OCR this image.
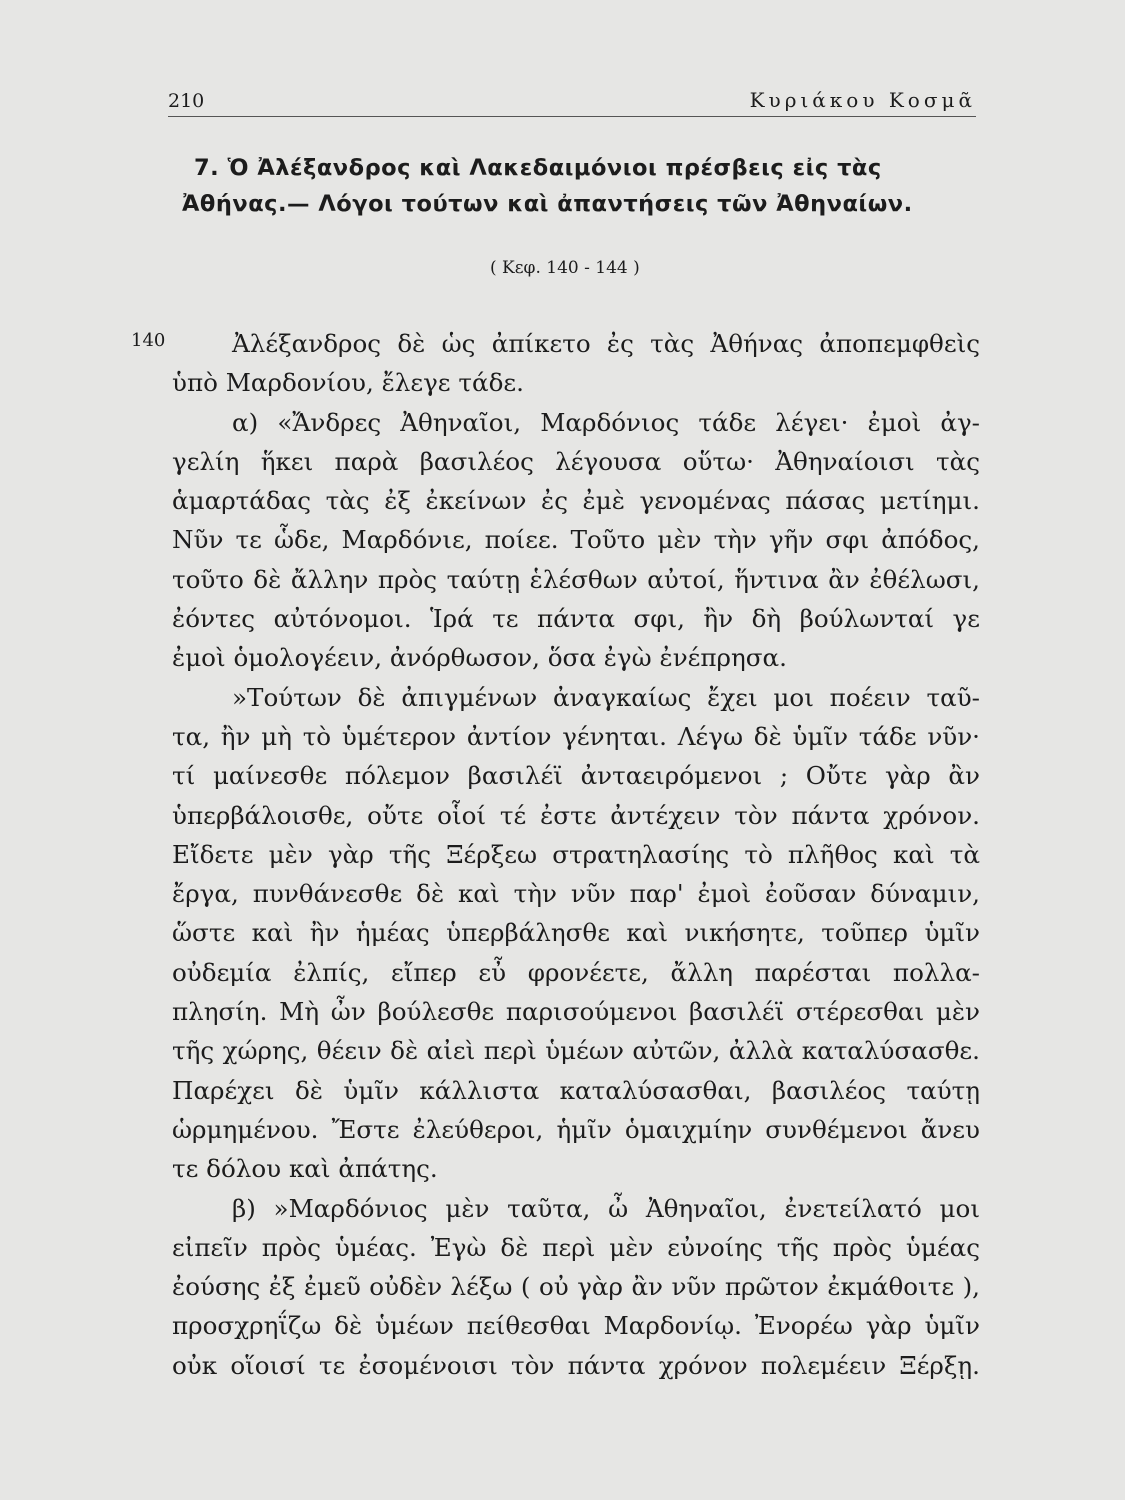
210	Κυριάκου Κοσμᾶ
7. Ὁ Ἀλέξανδρος καὶ Λακεδαιμόνιοι πρέσβεις εἰς τὰς
Ἀθήνας.— Λόγοι τούτων καὶ ἀπαντήσεις τῶν Ἀθηναίων.
( Κεφ. 140 - 144 )
140	Ἀλέξανδρος δὲ ὡς ἀπίκετο ἐς τὰς Ἀθήνας ἀποπεμφθεὶς
ὑπὸ Μαρδονίου, ἔλεγε τάδε.
α) «Ἄνδρες Ἀθηναῖοι, Μαρδόνιος τάδε λέγει· ἐμοὶ ἀγ-
γελίη ἥκει παρὰ βασιλέος λέγουσα οὕτω· Ἀθηναίοισι τὰς
ἁμαρτάδας τὰς ἐξ ἐκείνων ἐς ἐμὲ γενομένας πάσας μετίημι.
Νῦν τε ὧδε, Μαρδόνιε, ποίεε. Τοῦτο μὲν τὴν γῆν σφι ἀπόδος,
τοῦτο δὲ ἄλλην πρὸς ταύτῃ ἑλέσθων αὐτοί, ἥντινα ἂν ἐθέλωσι,
ἐόντες αὐτόνομοι. Ἱρά τε πάντα σφι, ἢν δὴ βούλωνταί γε
ἐμοὶ ὁμολογέειν, ἀνόρθωσον, ὅσα ἐγὼ ἐνέπρησα.
»Τούτων δὲ ἀπιγμένων ἀναγκαίως ἔχει μοι ποέειν ταῦ-
τα, ἢν μὴ τὸ ὑμέτερον ἀντίον γένηται. Λέγω δὲ ὑμῖν τάδε νῦν·
τί μαίνεσθε πόλεμον βασιλέϊ ἀνταειρόμενοι ; Οὔτε γὰρ ἂν
ὑπερβάλοισθε, οὔτε οἷοί τέ ἐστε ἀντέχειν τὸν πάντα χρόνον.
Εἴδετε μὲν γὰρ τῆς Ξέρξεω στρατηλασίης τὸ πλῆθος καὶ τὰ
ἔργα, πυνθάνεσθε δὲ καὶ τὴν νῦν παρ' ἐμοὶ ἐοῦσαν δύναμιν,
ὥστε καὶ ἢν ἡμέας ὑπερβάλησθε καὶ νικήσητε, τοῦπερ ὑμῖν
οὐδεμία ἐλπίς, εἴπερ εὖ φρονέετε, ἄλλη παρέσται πολλα-
πλησίη. Μὴ ὦν βούλεσθε παρισούμενοι βασιλέϊ στέρεσθαι μὲν
τῆς χώρης, θέειν δὲ αἰεὶ περὶ ὑμέων αὐτῶν, ἀλλὰ καταλύσασθε.
Παρέχει δὲ ὑμῖν κάλλιστα καταλύσασθαι, βασιλέος ταύτῃ
ὡρμημένου. Ἔστε ἐλεύθεροι, ἡμῖν ὁμαιχμίην συνθέμενοι ἄνευ
τε δόλου καὶ ἀπάτης.
β) »Μαρδόνιος μὲν ταῦτα, ὦ Ἀθηναῖοι, ἐνετείλατό μοι
εἰπεῖν πρὸς ὑμέας. Ἐγὼ δὲ περὶ μὲν εὐνοίης τῆς πρὸς ὑμέας
ἐούσης ἐξ ἐμεῦ οὐδὲν λέξω ( οὐ γὰρ ἂν νῦν πρῶτον ἐκμάθοιτε ),
προσχρηΐζω δὲ ὑμέων πείθεσθαι Μαρδονίῳ. Ἐνορέω γὰρ ὑμῖν
οὐκ οἵοισί τε ἐσομένοισι τὸν πάντα χρόνον πολεμέειν Ξέρξῃ.
